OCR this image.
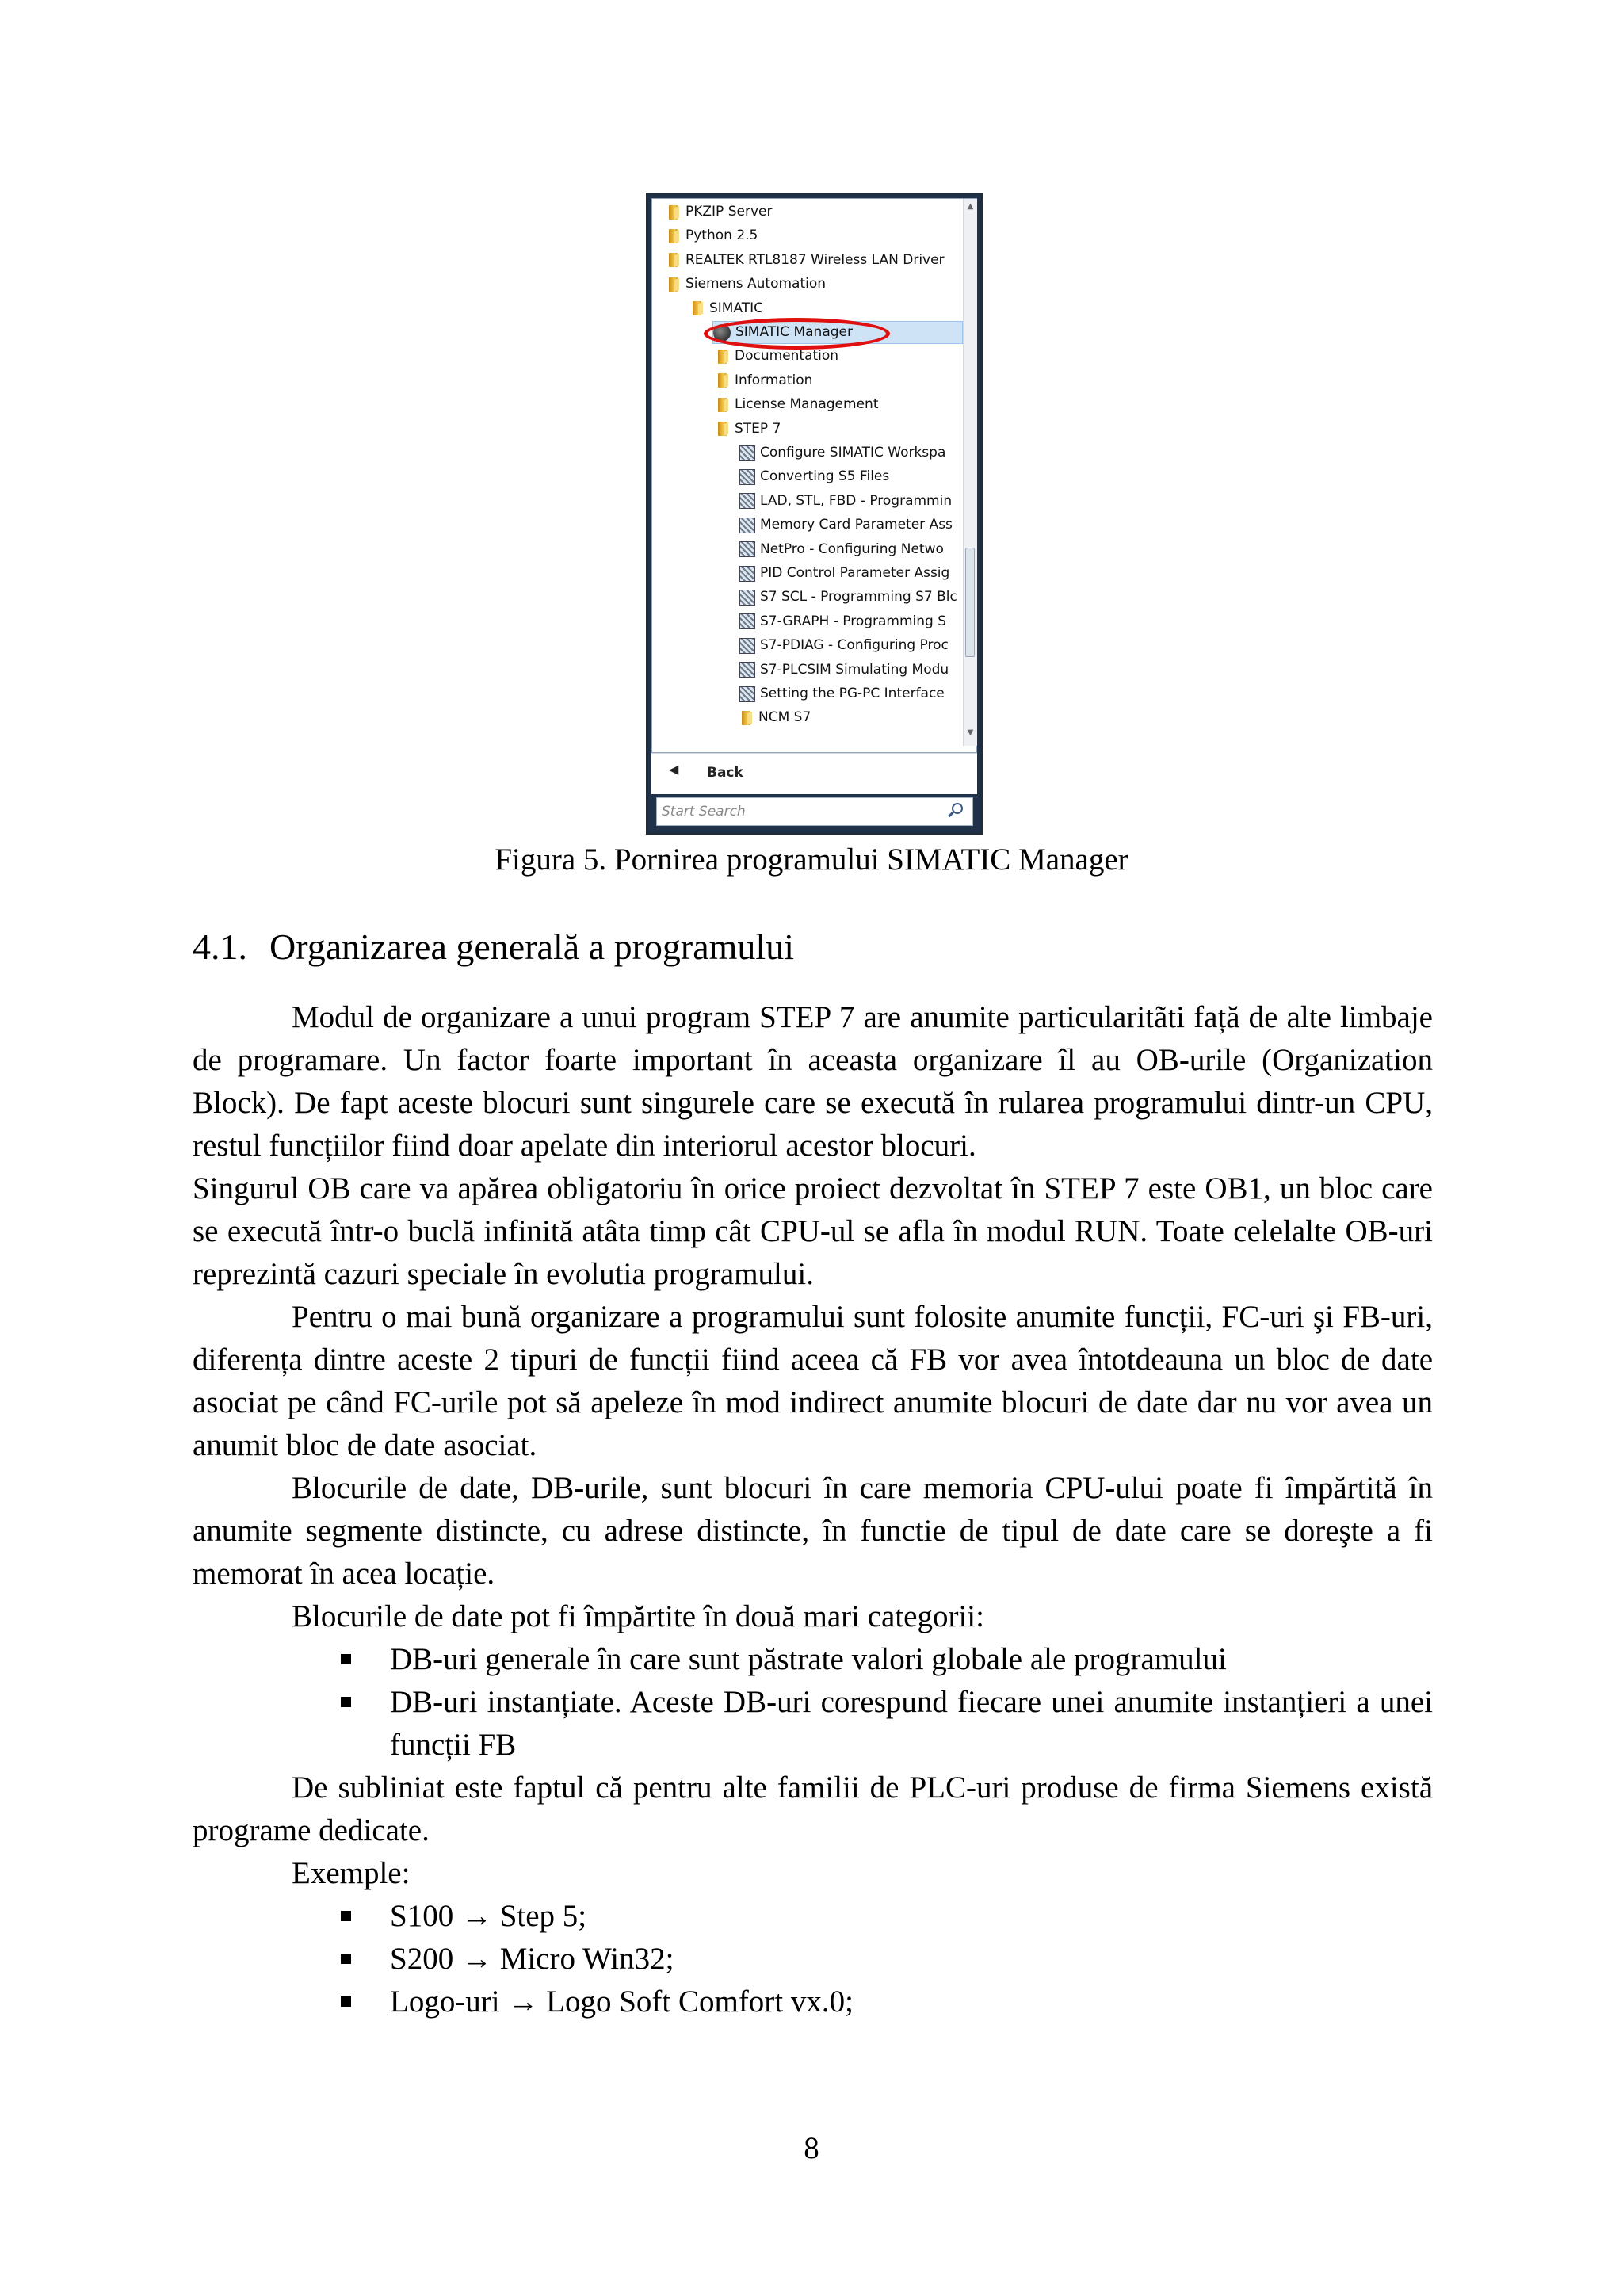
PKZIP Server
Python 2.5
REALTEK RTL8187 Wireless LAN Driver
Siemens Automation
SIMATIC
SIMATIC Manager
Documentation
Information
License Management
STEP 7
Configure SIMATIC Workspa
Converting S5 Files
LAD, STL, FBD - Programmin
Memory Card Parameter Ass
NetPro - Configuring Netwo
PID Control Parameter Assig
S7 SCL - Programming S7 Blc
S7-GRAPH - Programming S
S7-PDIAG - Configuring Proc
S7-PLCSIM Simulating Modu
Setting the PG-PC Interface
NCM S7
▲
▼
◀ Back
Start Search
Figura 5. Pornirea programului SIMATIC Manager
4.1. Organizarea generală a programului

Modul de organizare a unui program STEP 7 are anumite particularitãti față de alte limbaje de programare. Un factor foarte important în aceasta organizare îl au OB-urile (Organization Block). De fapt aceste blocuri sunt singurele care se execută în rularea programului dintr-un CPU, restul funcțiilor fiind doar apelate din interiorul acestor blocuri.

Singurul OB care va apărea obligatoriu în orice proiect dezvoltat în STEP 7 este OB1, un bloc care se execută într-o buclă infinită atâta timp cât CPU-ul se afla în modul RUN. Toate celelalte OB-uri reprezintă cazuri speciale în evolutia programului.

Pentru o mai bună organizare a programului sunt folosite anumite funcții, FC-uri şi FB-uri, diferența dintre aceste 2 tipuri de funcții fiind aceea că FB vor avea întotdeauna un bloc de date asociat pe când FC-urile pot să apeleze în mod indirect anumite blocuri de date dar nu vor avea un anumit bloc de date asociat.

Blocurile de date, DB-urile, sunt blocuri în care memoria CPU-ului poate fi împărtită în anumite segmente distincte, cu adrese distincte, în functie de tipul de date care se doreşte a fi memorat în acea locație.

Blocurile de date pot fi împărtite în două mari categorii:
DB-uri generale în care sunt păstrate valori globale ale programului
DB-uri instanțiate. Aceste DB-uri corespund fiecare unei anumite instanțieri a unei funcții FB

De subliniat este faptul că pentru alte familii de PLC-uri produse de firma Siemens există programe dedicate.

Exemple:
S100 → Step 5;
S200 → Micro Win32;
Logo-uri → Logo Soft Comfort vx.0;
8
